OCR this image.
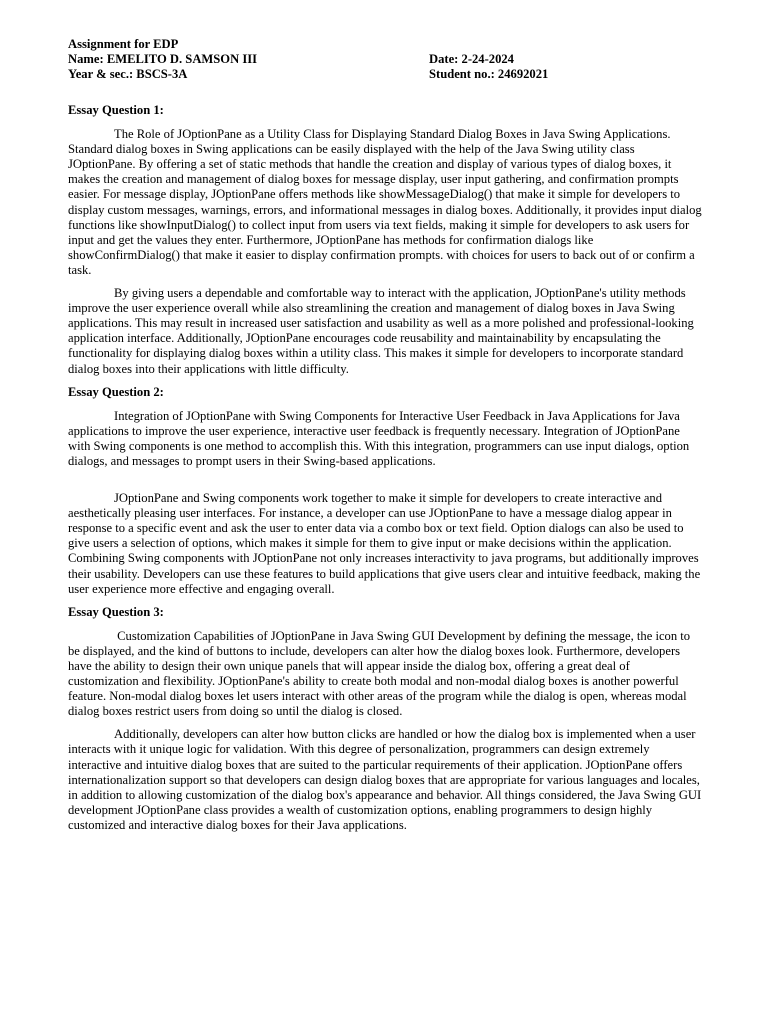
Assignment for EDP
Name: EMELITO D. SAMSON III	Date: 2-24-2024
Year & sec.: BSCS-3A	Student no.: 24692021
Essay Question 1:

The Role of JOptionPane as a Utility Class for Displaying Standard Dialog Boxes in Java Swing Applications. Standard dialog boxes in Swing applications can be easily displayed with the help of the Java Swing utility class JOptionPane. By offering a set of static methods that handle the creation and display of various types of dialog boxes, it makes the creation and management of dialog boxes for message display, user input gathering, and confirmation prompts easier. For message display, JOptionPane offers methods like showMessageDialog() that make it simple for developers to display custom messages, warnings, errors, and informational messages in dialog boxes. Additionally, it provides input dialog functions like showInputDialog() to collect input from users via text fields, making it simple for developers to ask users for input and get the values they enter. Furthermore, JOptionPane has methods for confirmation dialogs like showConfirmDialog() that make it easier to display confirmation prompts. with choices for users to back out of or confirm a task.

By giving users a dependable and comfortable way to interact with the application, JOptionPane's utility methods improve the user experience overall while also streamlining the creation and management of dialog boxes in Java Swing applications. This may result in increased user satisfaction and usability as well as a more polished and professional-looking application interface. Additionally, JOptionPane encourages code reusability and maintainability by encapsulating the functionality for displaying dialog boxes within a utility class. This makes it simple for developers to incorporate standard dialog boxes into their applications with little difficulty.

Essay Question 2:

Integration of JOptionPane with Swing Components for Interactive User Feedback in Java Applications for Java applications to improve the user experience, interactive user feedback is frequently necessary. Integration of JOptionPane with Swing components is one method to accomplish this. With this integration, programmers can use input dialogs, option dialogs, and messages to prompt users in their Swing-based applications.

JOptionPane and Swing components work together to make it simple for developers to create interactive and aesthetically pleasing user interfaces. For instance, a developer can use JOptionPane to have a message dialog appear in response to a specific event and ask the user to enter data via a combo box or text field. Option dialogs can also be used to give users a selection of options, which makes it simple for them to give input or make decisions within the application. Combining Swing components with JOptionPane not only increases interactivity to java programs, but additionally improves their usability. Developers can use these features to build applications that give users clear and intuitive feedback, making the user experience more effective and engaging overall.

Essay Question 3:

Customization Capabilities of JOptionPane in Java Swing GUI Development by defining the message, the icon to be displayed, and the kind of buttons to include, developers can alter how the dialog boxes look. Furthermore, developers have the ability to design their own unique panels that will appear inside the dialog box, offering a great deal of customization and flexibility. JOptionPane's ability to create both modal and non-modal dialog boxes is another powerful feature. Non-modal dialog boxes let users interact with other areas of the program while the dialog is open, whereas modal dialog boxes restrict users from doing so until the dialog is closed.

Additionally, developers can alter how button clicks are handled or how the dialog box is implemented when a user interacts with it unique logic for validation. With this degree of personalization, programmers can design extremely interactive and intuitive dialog boxes that are suited to the particular requirements of their application. JOptionPane offers internationalization support so that developers can design dialog boxes that are appropriate for various languages and locales, in addition to allowing customization of the dialog box's appearance and behavior. All things considered, the Java Swing GUI development JOptionPane class provides a wealth of customization options, enabling programmers to design highly customized and interactive dialog boxes for their Java applications.
